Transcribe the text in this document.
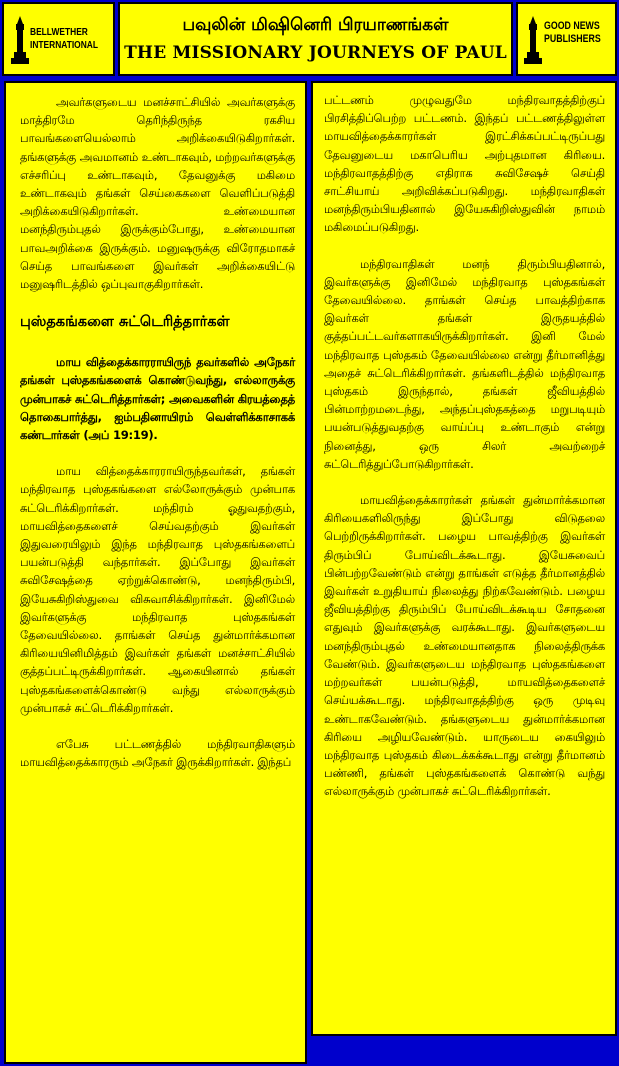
BELLWETHER
INTERNATIONAL
பவுலின் மிஷினெரி பிரயாணங்கள்
THE MISSIONARY JOURNEYS OF PAUL
GOOD NEWS
PUBLISHERS

அவர்களுடைய மனச்சாட்சியில் அவர்களுக்கு மாத்திரமே தெரிந்திருந்த ரகசிய பாவங்களையெல்லாம் அறிக்கையிடுகிறார்கள். தங்களுக்கு அவமானம் உண்டாகவும், மற்றவர்களுக்கு எச்சரிப்பு உண்டாகவும், தேவனுக்கு மகிமை உண்டாகவும் தங்கள் செய்கைகளை வெளிப்படுத்தி அறிக்கையிடுகிறார்கள். உண்மையான மனந்திரும்புதல் இருக்கும்போது, உண்மையான பாவஅறிக்கை இருக்கும். மனுஷருக்கு விரோதமாகச் செய்த பாவங்களை இவர்கள் அறிக்கையிட்டு மனுஷரிடத்தில் ஒப்புவாகுகிறார்கள்.

புஸ்தகங்களை சுட்டெரித்தார்கள்

மாய வித்தைக்காரராயிருந் தவர்களில் அநேகர் தங்கள் புஸ்தகங்களைக் கொண்டுவந்து, எல்லாருக்கு முன்பாகச் சுட்டெரித்தார்கள்; அவைகளின் கிரயத்தைத் தொகைபார்த்து, ஐம்பதினாயிரம் வெள்ளிக்காசாகக் கண்டார்கள் (அப் 19:19).

மாய வித்தைக்காரராயிருந்தவர்கள், தங்கள் மந்திரவாத புஸ்தகங்களை எல்லோருக்கும் முன்பாக சுட்டெரிக்கிறார்கள். மந்திரம் ஓதுவதற்கும், மாயவித்தைகளைச் செய்வதற்கும் இவர்கள் இதுவரையிலும் இந்த மந்திரவாத புஸ்தகங்களைப் பயன்படுத்தி வந்தார்கள். இப்போது இவர்கள் சுவிசேஷத்தை ஏற்றுக்கொண்டு, மனந்திரும்பி, இயேசுகிறிஸ்துவை விசுவாசிக்கிறார்கள். இனிமேல் இவர்களுக்கு மந்திரவாத புஸ்தகங்கள் தேவையில்லை. தாங்கள் செய்த துன்மார்க்கமான கிரியையினிமித்தம் இவர்கள் தங்கள் மனச்சாட்சியில் குத்தப்பட்டிருக்கிறார்கள். ஆகையினால் தங்கள் புஸ்தகங்களைக்கொண்டு வந்து எல்லாருக்கும் முன்பாகச் சுட்டெரிக்கிறார்கள்.

எபேசு பட்டணத்தில் மந்திரவாதிகளும் மாயவித்தைக்காரரும் அநேகர் இருக்கிறார்கள். இந்தப்

பட்டணம் முழுவதுமே மந்திரவாதத்திற்குப் பிரசித்திப்பெற்ற பட்டணம். இந்தப் பட்டணத்திலுள்ள மாயவித்தைக்காரர்கள் இரட்சிக்கப்பட்டிருப்பது தேவனுடைய மகாபெரிய அற்புதமான கிரியை. மந்திரவாதத்திற்கு எதிராக சுவிசேஷச் செய்தி சாட்சியாய் அறிவிக்கப்படுகிறது. மந்திரவாதிகள் மனந்திரும்பியதினால் இயேசுகிறிஸ்துவின் நாமம் மகிமைப்படுகிறது.

மந்திரவாதிகள் மனந் திரும்பியதினால், இவர்களுக்கு இனிமேல் மந்திரவாத புஸ்தகங்கள் தேவையில்லை. தாங்கள் செய்த பாவத்திற்காக இவர்கள் தங்கள் இருதயத்தில் குத்தப்பட்டவர்களாகயிருக்கிறார்கள். இனி மேல் மந்திரவாத புஸ்தகம் தேவையில்லை என்று தீர்மானித்து அதைச் சுட்டெரிக்கிறார்கள். தங்களிடத்தில் மந்திரவாத புஸ்தகம் இருந்தால், தங்கள் ஜீவியத்தில் பின்மாற்றமடைந்து, அந்தப்புஸ்தகத்தை மறுபடியும் பயன்படுத்துவதற்கு வாய்ப்பு உண்டாகும் என்று நினைத்து, ஒரு சிலர் அவற்றைச் சுட்டெரித்துப்போடுகிறார்கள்.

மாயவித்தைக்காரர்கள் தங்கள் துன்மார்க்கமான கிரியைகளிலிருந்து இப்போது விடுதலை பெற்றிருக்கிறார்கள். பழைய பாவத்திற்கு இவர்கள் திரும்பிப் போய்விடக்கூடாது. இயேசுவைப் பின்பற்றவேண்டும் என்று தாங்கள் எடுத்த தீர்மானத்தில் இவர்கள் உறுதியாய் நிலைத்து நிற்கவேண்டும். பழைய ஜீவியத்திற்கு திரும்பிப் போய்விடக்கூடிய சோதனை எதுவும் இவர்களுக்கு வரக்கூடாது. இவர்களுடைய மனந்திரும்புதல் உண்மையானதாக நிலைத்திருக்க வேண்டும். இவர்களுடைய மந்திரவாத புஸ்தகங்களை மற்றவர்கள் பயன்படுத்தி, மாயவித்தைகளைச் செய்யக்கூடாது. மந்திரவாதத்திற்கு ஒரு முடிவு உண்டாகவேண்டும். தங்களுடைய துன்மார்க்கமான கிரியை அழியவேண்டும். யாருடைய கையிலும் மந்திரவாத புஸ்தகம் கிடைக்கக்கூடாது என்று தீர்மானம் பண்ணி, தங்கள் புஸ்தகங்களைக் கொண்டு வந்து எல்லாருக்கும் முன்பாகச் சுட்டெரிக்கிறார்கள்.
